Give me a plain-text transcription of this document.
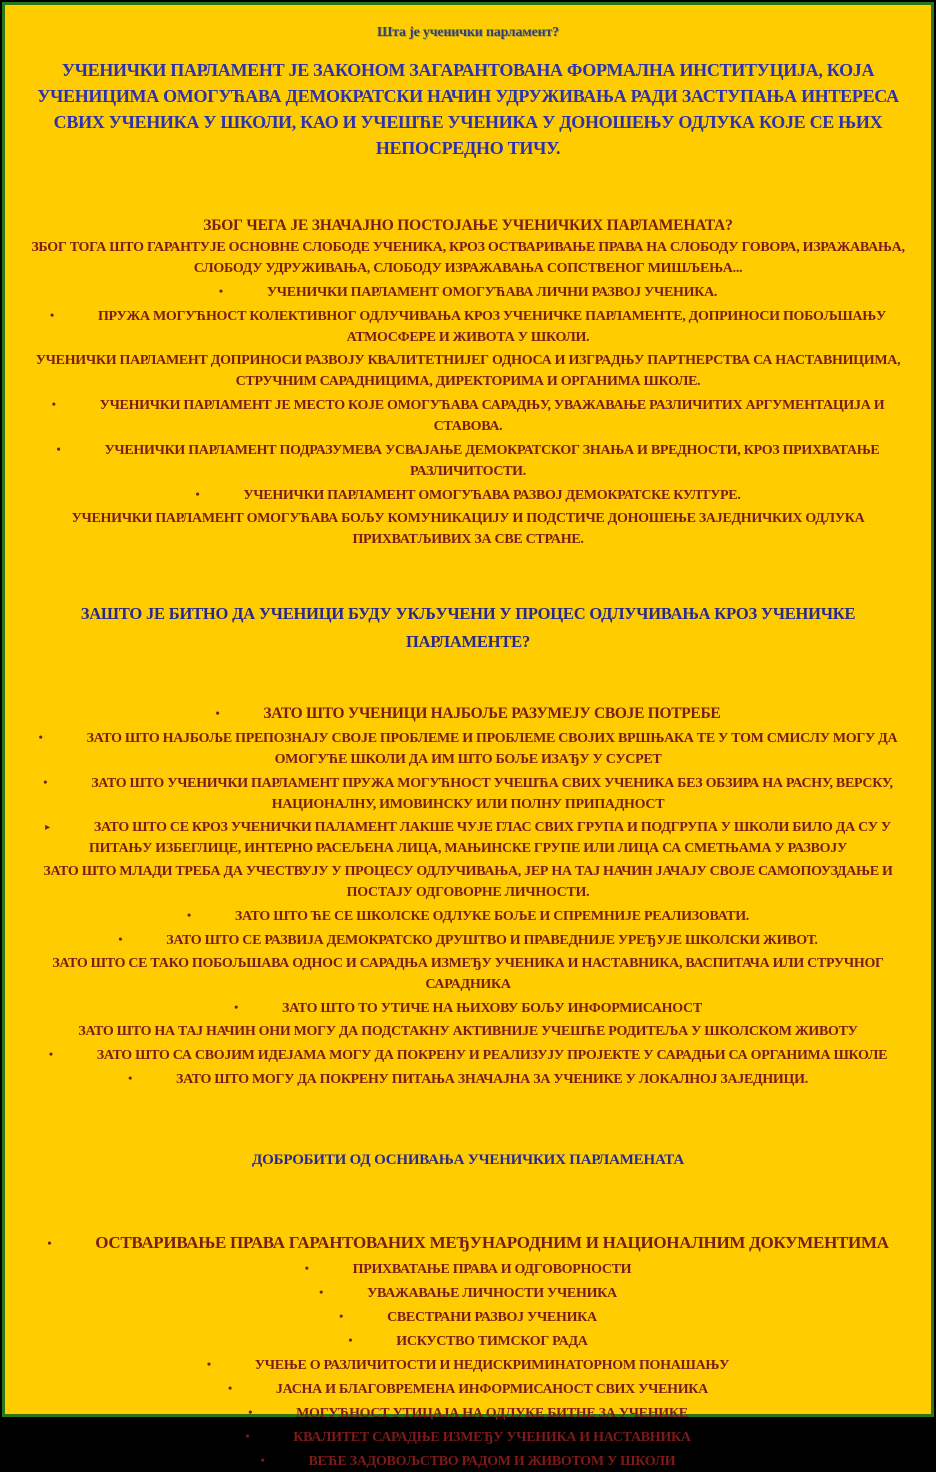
Шта је ученички парламент?
УЧЕНИЧКИ ПАРЛАМЕНТ ЈЕ ЗАКОНОМ ЗАГАРАНТОВАНА ФОРМАЛНА ИНСТИТУЦИЈА, КОЈА УЧЕНИЦИМА ОМОГУЋАВА ДЕМОКРАТСКИ НАЧИН УДРУЖИВАЊА РАДИ ЗАСТУПАЊА ИНТЕРЕСА СВИХ УЧЕНИКА У ШКОЛИ, КАО И УЧЕШЋЕ УЧЕНИКА У ДОНОШЕЊУ ОДЛУКА КОЈЕ СЕ ЊИХ НЕПОСРЕДНО ТИЧУ.
ЗБОГ ЧЕГА ЈЕ ЗНАЧАЈНО ПОСТОЈАЊЕ УЧЕНИЧКИХ ПАРЛАМЕНАТА?
ЗБОГ ТОГА ШТО ГАРАНТУЈЕ ОСНОВНЕ СЛОБОДЕ УЧЕНИКА, КРОЗ ОСТВАРИВАЊЕ ПРАВА НА СЛОБОДУ ГОВОРА, ИЗРАЖАВАЊА, СЛОБОДУ УДРУЖИВАЊА, СЛОБОДУ ИЗРАЖАВАЊА СОПСТВЕНОГ МИШЉЕЊА...
•	УЧЕНИЧКИ ПАРЛАМЕНТ ОМОГУЋАВА ЛИЧНИ РАЗВОЈ УЧЕНИКА.
•	ПРУЖА МОГУЋНОСТ КОЛЕКТИВНОГ ОДЛУЧИВАЊА КРОЗ УЧЕНИЧКЕ ПАРЛАМЕНТЕ, ДОПРИНОСИ ПОБОЉШАЊУ АТМОСФЕРЕ И ЖИВОТА У ШКОЛИ.
УЧЕНИЧКИ ПАРЛАМЕНТ ДОПРИНОСИ РАЗВОЈУ КВАЛИТЕТНИЈЕГ ОДНОСА И ИЗГРАДЊУ ПАРТНЕРСТВА СА НАСТАВНИЦИМА, СТРУЧНИМ САРАДНИЦИМА, ДИРЕКТОРИМА И ОРГАНИМА ШКОЛЕ.
•	УЧЕНИЧКИ ПАРЛАМЕНТ ЈЕ МЕСТО КОЈЕ ОМОГУЋАВА САРАДЊУ, УВАЖАВАЊЕ РАЗЛИЧИТИХ АРГУМЕНТАЦИЈА И СТАВОВА.
•	УЧЕНИЧКИ ПАРЛАМЕНТ ПОДРАЗУМЕВА УСВАЈАЊЕ ДЕМОКРАТСКОГ ЗНАЊА И ВРЕДНОСТИ, КРОЗ ПРИХВАТАЊЕ РАЗЛИЧИТОСТИ.
•	УЧЕНИЧКИ ПАРЛАМЕНТ ОМОГУЋАВА РАЗВОЈ ДЕМОКРАТСКЕ КУЛТУРЕ.
УЧЕНИЧКИ ПАРЛАМЕНТ ОМОГУЋАВА БОЉУ КОМУНИКАЦИЈУ И ПОДСТИЧЕ ДОНОШЕЊЕ ЗАЈЕДНИЧКИХ ОДЛУКА ПРИХВАТЉИВИХ ЗА СВЕ СТРАНЕ.
ЗАШТО ЈЕ БИТНО ДА УЧЕНИЦИ БУДУ УКЉУЧЕНИ У ПРОЦЕС ОДЛУЧИВАЊА КРОЗ УЧЕНИЧКЕ ПАРЛАМЕНТЕ?
•	ЗАТО ШТО УЧЕНИЦИ НАЈБОЉЕ РАЗУМЕЈУ СВОЈЕ ПОТРЕБЕ
•	ЗАТО ШТО НАЈБОЉЕ ПРЕПОЗНАЈУ СВОЈЕ ПРОБЛЕМЕ И ПРОБЛЕМЕ СВОЈИХ ВРШЊАКА ТЕ У ТОМ СМИСЛУ МОГУ ДА ОМОГУЋЕ ШКОЛИ ДА ИМ ШТО БОЉЕ ИЗАЂУ У СУСРЕТ
•	ЗАТО ШТО УЧЕНИЧКИ ПАРЛАМЕНТ ПРУЖА МОГУЋНОСТ УЧЕШЋА СВИХ УЧЕНИКА БЕЗ ОБЗИРА НА РАСНУ, ВЕРСКУ, НАЦИОНАЛНУ, ИМОВИНСКУ ИЛИ ПОЛНУ ПРИПАДНОСТ
▸	ЗАТО ШТО СЕ КРОЗ УЧЕНИЧКИ ПАЛАМЕНТ ЛАКШЕ ЧУЈЕ ГЛАС СВИХ ГРУПА И ПОДГРУПА У ШКОЛИ БИЛО ДА СУ У ПИТАЊУ ИЗБЕГЛИЦЕ, ИНТЕРНО РАСЕЉЕНА ЛИЦА, МАЊИНСКЕ ГРУПЕ ИЛИ ЛИЦА СА СМЕТЊАМА У РАЗВОЈУ
ЗАТО ШТО МЛАДИ ТРЕБА ДА УЧЕСТВУЈУ У ПРОЦЕСУ ОДЛУЧИВАЊА, ЈЕР НА ТАЈ НАЧИН ЈАЧАЈУ СВОЈЕ САМОПОУЗДАЊЕ И ПОСТАЈУ ОДГОВОРНЕ ЛИЧНОСТИ.
•	ЗАТО ШТО ЋЕ СЕ ШКОЛСКЕ ОДЛУКЕ БОЉЕ И СПРЕМНИЈЕ РЕАЛИЗОВАТИ.
•	ЗАТО ШТО СЕ РАЗВИЈА ДЕМОКРАТСКО ДРУШТВО И ПРАВЕДНИЈЕ УРЕЂУЈЕ ШКОЛСКИ ЖИВОТ.
ЗАТО ШТО СЕ ТАКО ПОБОЉШАВА ОДНОС И САРАДЊА ИЗМЕЂУ УЧЕНИКА И НАСТАВНИКА, ВАСПИТАЧА ИЛИ СТРУЧНОГ САРАДНИКА
•	ЗАТО ШТО ТО УТИЧЕ НА ЊИХОВУ БОЉУ ИНФОРМИСАНОСТ
ЗАТО ШТО НА ТАЈ НАЧИН ОНИ МОГУ ДА ПОДСТАКНУ АКТИВНИЈЕ УЧЕШЋЕ РОДИТЕЉА У ШКОЛСКОМ ЖИВОТУ
•	ЗАТО ШТО СА СВОЈИМ ИДЕЈАМА МОГУ ДА ПОКРЕНУ И РЕАЛИЗУЈУ ПРОЈЕКТЕ У САРАДЊИ СА ОРГАНИМА ШКОЛЕ
•	ЗАТО ШТО МОГУ ДА ПОКРЕНУ ПИТАЊА ЗНАЧАЈНА ЗА УЧЕНИКЕ У ЛОКАЛНОЈ ЗАЈЕДНИЦИ.
ДОБРОБИТИ ОД ОСНИВАЊА УЧЕНИЧКИХ ПАРЛАМЕНАТА
•	ОСТВАРИВАЊЕ ПРАВА ГАРАНТОВАНИХ МЕЂУНАРОДНИМ И НАЦИОНАЛНИМ ДОКУМЕНТИМА
•	ПРИХВАТАЊЕ ПРАВА И ОДГОВОРНОСТИ
•	УВАЖАВАЊЕ ЛИЧНОСТИ УЧЕНИКА
•	СВЕСТРАНИ РАЗВОЈ УЧЕНИКА
•	ИСКУСТВО ТИМСКОГ РАДА
•	УЧЕЊЕ О РАЗЛИЧИТОСТИ И НЕДИСКРИМИНАТОРНОМ ПОНАШАЊУ
•	ЈАСНА И БЛАГОВРЕМЕНА ИНФОРМИСАНОСТ СВИХ УЧЕНИКА
•	МОГУЋНОСТ УТИЦАЈА НА ОДЛУКЕ БИТНЕ ЗА УЧЕНИКЕ
•	КВАЛИТЕТ САРАДЊЕ ИЗМЕЂУ УЧЕНИКА И НАСТАВНИКА
•	ВЕЋЕ ЗАДОВОЉСТВО РАДОМ И ЖИВОТОМ У ШКОЛИ
